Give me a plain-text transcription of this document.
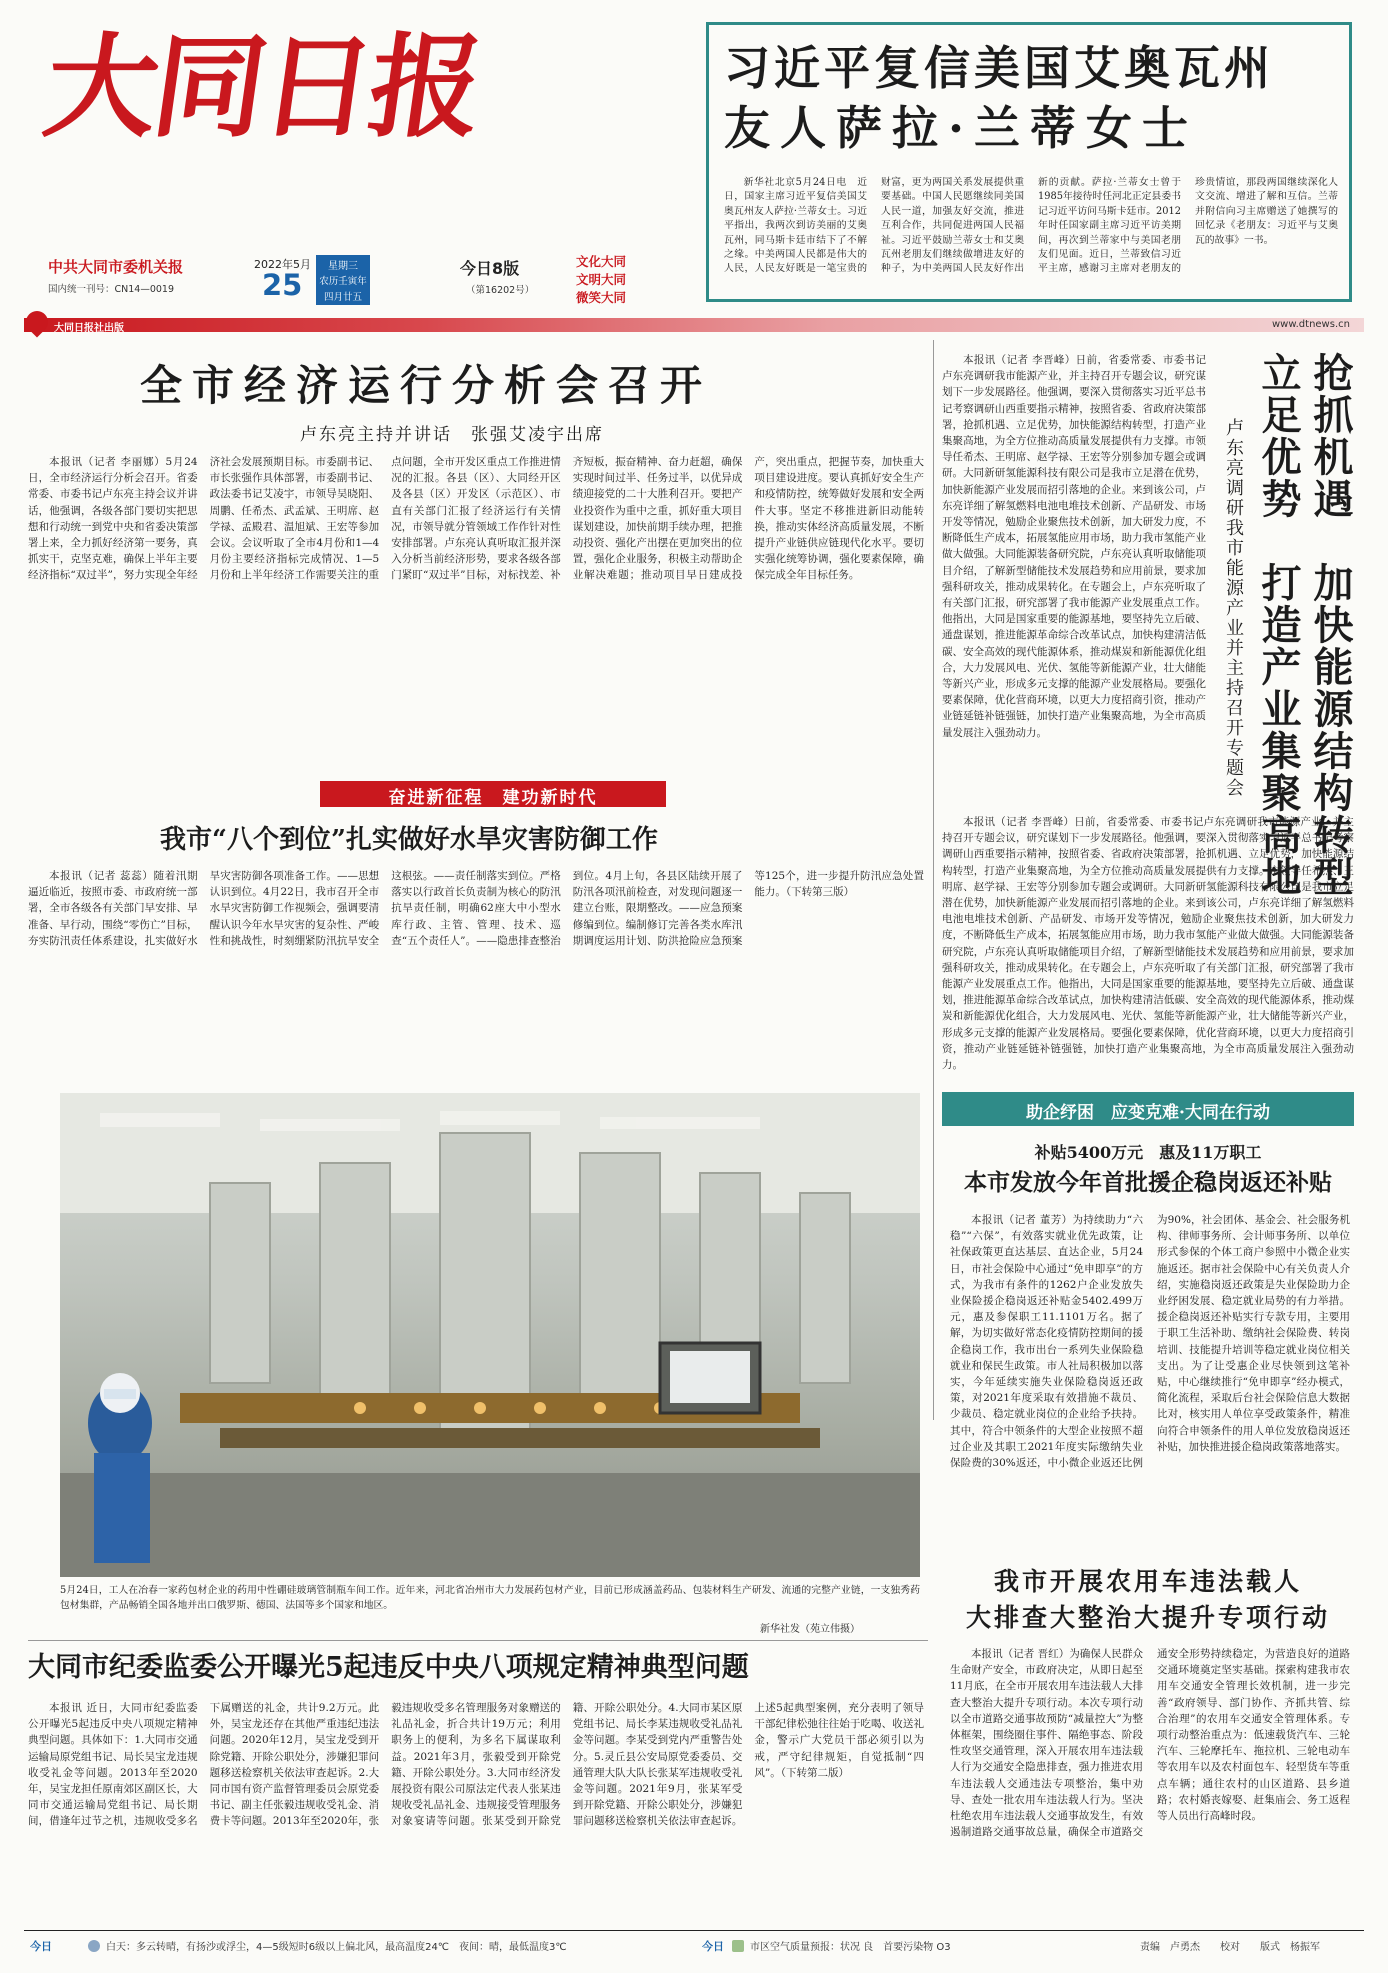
大同日报
中共大同市委机关报
国内统一刊号：CN14—0019
2022年5月
25
星期三
农历壬寅年
四月廿五
今日8版
（第16202号）
文化大同
文明大同
微笑大同
大同日报社出版	www.dtnews.cn
习近平复信美国艾奥瓦州
友人萨拉·兰蒂女士

新华社北京5月24日电　近日，国家主席习近平复信美国艾奥瓦州友人萨拉·兰蒂女士。习近平指出，我两次到访美丽的艾奥瓦州，同马斯卡廷市结下了不解之缘。中美两国人民都是伟大的人民，人民友好既是一笔宝贵的财富，更为两国关系发展提供重要基础。中国人民愿继续同美国人民一道，加强友好交流，推进互利合作，共同促进两国人民福祉。习近平鼓励兰蒂女士和艾奥瓦州老朋友们继续做增进友好的种子，为中美两国人民友好作出新的贡献。萨拉·兰蒂女士曾于1985年接待时任河北正定县委书记习近平访问马斯卡廷市。2012年时任国家副主席习近平访美期间，再次到兰蒂家中与美国老朋友们见面。近日，兰蒂致信习近平主席，感谢习主席对老朋友的珍贵情谊，那段两国继续深化人文交流、增进了解和互信。兰蒂并附信向习主席赠送了她撰写的回忆录《老朋友：习近平与艾奥瓦的故事》一书。

全市经济运行分析会召开
卢东亮主持并讲话　张强艾凌宇出席

本报讯（记者 李丽娜）5月24日，全市经济运行分析会召开。省委常委、市委书记卢东亮主持会议并讲话，他强调，各级各部门要切实把思想和行动统一到党中央和省委决策部署上来，全力抓好经济第一要务，真抓实干，克坚克难，确保上半年主要经济指标“双过半”，努力实现全年经济社会发展预期目标。市委副书记、市长张强作具体部署，市委副书记、政法委书记艾凌宇，市领导吴晓阳、周鹏、任希杰、武孟斌、王明席、赵学禄、孟殿君、温旭斌、王宏等参加会议。会议听取了全市4月份和1—4月份主要经济指标完成情况、1—5月份和上半年经济工作需要关注的重点问题，全市开发区重点工作推进情况的汇报。各县（区）、大同经开区及各县（区）开发区（示范区）、市直有关部门汇报了经济运行有关情况，市领导就分管领域工作作针对性安排部署。卢东亮认真听取汇报并深入分析当前经济形势，要求各级各部门紧盯“双过半”目标，对标找差、补齐短板，振奋精神、奋力赶超，确保实现时间过半、任务过半，以优异成绩迎接党的二十大胜利召开。要把产业投资作为重中之重，抓好重大项目谋划建设，加快前期手续办理，把推动投资、强化产出摆在更加突出的位置，强化企业服务，积极主动帮助企业解决难题；推动项目早日建成投产，突出重点，把握节奏，加快重大项目建设进度。要认真抓好安全生产和疫情防控，统筹做好发展和安全两件大事。坚定不移推进新旧动能转换，推动实体经济高质量发展，不断提升产业链供应链现代化水平。要切实强化统筹协调，强化要素保障，确保完成全年目标任务。	抢抓机遇　加快能源结构转型
立足优势　打造产业集聚高地
卢东亮调研我市能源产业并主持召开专题会

本报讯（记者 李晋峰）日前，省委常委、市委书记卢东亮调研我市能源产业，并主持召开专题会议，研究谋划下一步发展路径。他强调，要深入贯彻落实习近平总书记考察调研山西重要指示精神，按照省委、省政府决策部署，抢抓机遇、立足优势，加快能源结构转型，打造产业集聚高地，为全方位推动高质量发展提供有力支撑。市领导任希杰、王明席、赵学禄、王宏等分别参加专题会或调研。大同新研氢能源科技有限公司是我市立足潜在优势，加快新能源产业发展而招引落地的企业。来到该公司，卢东亮详细了解氢燃料电池电堆技术创新、产品研发、市场开发等情况，勉励企业聚焦技术创新，加大研发力度，不断降低生产成本，拓展氢能应用市场，助力我市氢能产业做大做强。大同能源装备研究院，卢东亮认真听取储能项目介绍，了解新型储能技术发展趋势和应用前景，要求加强科研攻关，推动成果转化。在专题会上，卢东亮听取了有关部门汇报，研究部署了我市能源产业发展重点工作。他指出，大同是国家重要的能源基地，要坚持先立后破、通盘谋划，推进能源革命综合改革试点，加快构建清洁低碳、安全高效的现代能源体系，推动煤炭和新能源优化组合，大力发展风电、光伏、氢能等新能源产业，壮大储能等新兴产业，形成多元支撑的能源产业发展格局。要强化要素保障，优化营商环境，以更大力度招商引资，推动产业链延链补链强链，加快打造产业集聚高地，为全市高质量发展注入强劲动力。

本报讯（记者 李晋峰）日前，省委常委、市委书记卢东亮调研我市能源产业，并主持召开专题会议，研究谋划下一步发展路径。他强调，要深入贯彻落实习近平总书记考察调研山西重要指示精神，按照省委、省政府决策部署，抢抓机遇、立足优势，加快能源结构转型，打造产业集聚高地，为全方位推动高质量发展提供有力支撑。市领导任希杰、王明席、赵学禄、王宏等分别参加专题会或调研。大同新研氢能源科技有限公司是我市立足潜在优势，加快新能源产业发展而招引落地的企业。来到该公司，卢东亮详细了解氢燃料电池电堆技术创新、产品研发、市场开发等情况，勉励企业聚焦技术创新，加大研发力度，不断降低生产成本，拓展氢能应用市场，助力我市氢能产业做大做强。大同能源装备研究院，卢东亮认真听取储能项目介绍，了解新型储能技术发展趋势和应用前景，要求加强科研攻关，推动成果转化。在专题会上，卢东亮听取了有关部门汇报，研究部署了我市能源产业发展重点工作。他指出，大同是国家重要的能源基地，要坚持先立后破、通盘谋划，推进能源革命综合改革试点，加快构建清洁低碳、安全高效的现代能源体系，推动煤炭和新能源优化组合，大力发展风电、光伏、氢能等新能源产业，壮大储能等新兴产业，形成多元支撑的能源产业发展格局。要强化要素保障，优化营商环境，以更大力度招商引资，推动产业链延链补链强链，加快打造产业集聚高地，为全市高质量发展注入强劲动力。

奋进新征程　建功新时代
我市“八个到位”扎实做好水旱灾害防御工作

本报讯（记者 蕊蕊）随着汛期逼近临近，按照市委、市政府统一部署，全市各级各有关部门早安排、早准备、早行动，围绕“零伤亡”目标，夯实防汛责任体系建设，扎实做好水旱灾害防御各项准备工作。——思想认识到位。4月22日，我市召开全市水旱灾害防御工作视频会，强调要清醒认识今年水旱灾害的复杂性、严峻性和挑战性，时刻绷紧防汛抗旱安全这根弦。——责任制落实到位。严格落实以行政首长负责制为核心的防汛抗旱责任制，明确62座大中小型水库行政、主管、管理、技术、巡查“五个责任人”。——隐患排查整治到位。4月上旬，各县区陆续开展了防汛各项汛前检查，对发现问题逐一建立台账，限期整改。——应急预案修编到位。编制修订完善各类水库汛期调度运用计划、防洪抢险应急预案等125个，进一步提升防汛应急处置能力。（下转第三版）

5月24日，工人在冶春一家药包材企业的药用中性硼硅玻璃管制瓶车间工作。近年来，河北省冶州市大力发展药包材产业，目前已形成涵盖药品、包装材料生产研发、流通的完整产业链，一支独秀药包材集群，产品畅销全国各地并出口俄罗斯、德国、法国等多个国家和地区。
新华社发（苑立伟摄）
助企纾困　应变克难·大同在行动
补贴5400万元　惠及11万职工
本市发放今年首批援企稳岗返还补贴

本报讯（记者 董芳）为持续助力“六稳”“六保”，有效落实就业优先政策，让社保政策更直达基层、直达企业，5月24日，市社会保险中心通过“免申即享”的方式，为我市有条件的1262户企业发放失业保险援企稳岗返还补贴金5402.499万元，惠及参保职工11.1101万名。据了解，为切实做好常态化疫情防控期间的援企稳岗工作，我市出台一系列失业保险稳就业和保民生政策。市人社局积极加以落实，今年延续实施失业保险稳岗返还政策，对2021年度采取有效措施不裁员、少裁员、稳定就业岗位的企业给予扶持。其中，符合中领条件的大型企业按照不超过企业及其职工2021年度实际缴纳失业保险费的30%返还，中小微企业返还比例为90%，社会团体、基金会、社会服务机构、律师事务所、会计师事务所、以单位形式参保的个体工商户参照中小微企业实施返还。据市社会保险中心有关负责人介绍，实施稳岗返还政策是失业保险助力企业纾困发展、稳定就业局势的有力举措。援企稳岗返还补贴实行专款专用，主要用于职工生活补助、缴纳社会保险费、转岗培训、技能提升培训等稳定就业岗位相关支出。为了让受惠企业尽快领到这笔补贴，中心继续推行“免申即享”经办模式，简化流程，采取后台社会保险信息大数据比对，核实用人单位享受政策条件，精准向符合申领条件的用人单位发放稳岗返还补贴，加快推进援企稳岗政策落地落实。

大同市纪委监委公开曝光5起违反中央八项规定精神典型问题

本报讯 近日，大同市纪委监委公开曝光5起违反中央八项规定精神典型问题。具体如下：1.大同市交通运输局原党组书记、局长吴宝龙违规收受礼金等问题。2013年至2020年，吴宝龙担任原南郊区副区长，大同市交通运输局党组书记、局长期间，借逢年过节之机，违规收受多名下属赠送的礼金，共计9.2万元。此外，吴宝龙还存在其他严重违纪违法问题。2020年12月，吴宝龙受到开除党籍、开除公职处分，涉嫌犯罪问题移送检察机关依法审查起诉。2.大同市国有资产监督管理委员会原党委书记、副主任张毅违规收受礼金、消费卡等问题。2013年至2020年，张毅违规收受多名管理服务对象赠送的礼品礼金，折合共计19万元；利用职务上的便利，为多名下属谋取利益。2021年3月，张毅受到开除党籍、开除公职处分。3.大同市经济发展投资有限公司原法定代表人张某违规收受礼品礼金、违规接受管理服务对象宴请等问题。张某受到开除党籍、开除公职处分。4.大同市某区原党组书记、局长李某违规收受礼品礼金等问题。李某受到党内严重警告处分。5.灵丘县公安局原党委委员、交通管理大队大队长张某军违规收受礼金等问题。2021年9月，张某军受到开除党籍、开除公职处分，涉嫌犯罪问题移送检察机关依法审查起诉。上述5起典型案例，充分表明了领导干部纪律松弛往往始于吃喝、收送礼金，警示广大党员干部必须引以为戒，严守纪律规矩，自觉抵制“四风”。（下转第二版）

我市开展农用车违法载人
大排查大整治大提升专项行动

本报讯（记者 晋红）为确保人民群众生命财产安全，市政府决定，从即日起至11月底，在全市开展农用车违法载人大排查大整治大提升专项行动。本次专项行动以全市道路交通事故预防“减量控大”为整体框架，围绕圈住事件、隔绝事态、阶段性攻坚交通管理，深入开展农用车违法载人行为交通安全隐患排查，强力推进农用车违法载人交通违法专项整治，集中劝导、查处一批农用车违法载人行为。坚决杜绝农用车违法载人交通事故发生，有效遏制道路交通事故总量，确保全市道路交通安全形势持续稳定，为营造良好的道路交通环境奠定坚实基础。探索构建我市农用车交通安全管理长效机制，进一步完善“政府领导、部门协作、齐抓共管、综合治理”的农用车交通安全管理体系。专项行动整治重点为：低速载货汽车、三轮汽车、三轮摩托车、拖拉机、三轮电动车等农用车以及农村面包车、轻型货车等重点车辆；通往农村的山区道路、县乡道路；农村婚丧嫁娶、赶集庙会、务工返程等人员出行高峰时段。

今日	白天：多云转晴，有扬沙或浮尘，4—5级短时6级以上偏北风，最高温度24℃　夜间：晴，最低温度3℃	今日	市区空气质量预报：状况 良　首要污染物 O3	责编　卢勇杰　　校对　　版式　杨振军
